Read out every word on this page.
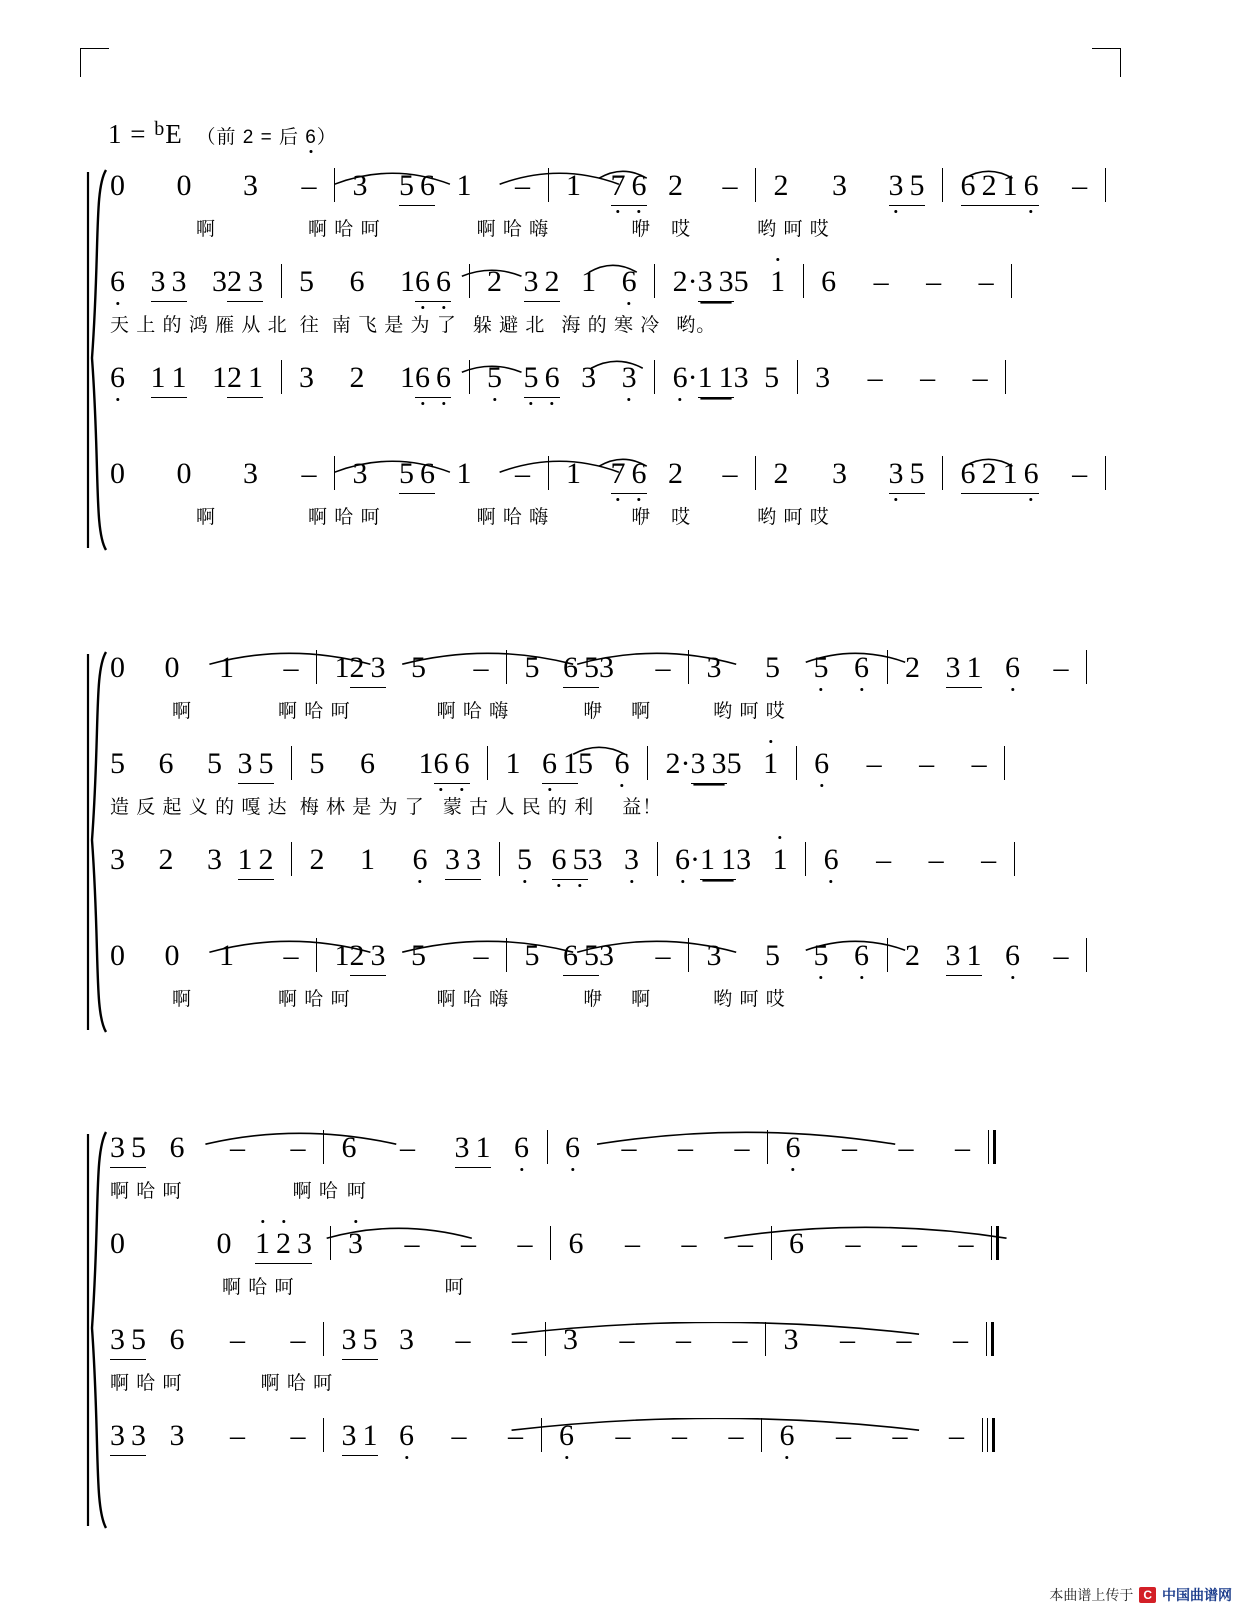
1 = $^b$E （前 2 = 后 6）
0 0 3 – 3 5 6 1 – 1 7  6 2 – 2 3 3 5 6  2  1  6 –
啊	啊 哈 呵	啊 哈 嗨	咿 哎	哟 呵 哎
6 3 3 32 3 5 6 16  6 2 3 2 1 6 2·3 35 1 6 – – –
天 上 的 鸿 雁 从 北 往 南 飞 是 为 了 躲 避 北 海 的 寒 冷 哟。
6 1 1 12 1 3 2 16  6 5 5  6 3 3 6·1 13 5 3 – – –
0 0 3 – 3 5 6 1 – 1 7  6 2 – 2 3 3 5 6  2  1  6 –
啊	啊 哈 呵	啊 哈 嗨	咿 哎	哟 呵 哎
0 0 1 – 12 3 5 – 5 6 53 – 3 5 5 6 2 3 1 6 –
啊	啊 哈 呵	啊 哈 嗨	咿 啊	哟 呵 哎
5 6 5 3 5 5 6 16  6 1 6 15 6 2·3 35 1 6 – – –
造 反 起 义 的 嘎 达 梅 林 是 为 了 蒙 古 人 民 的 利 益！
3 2 3 1 2 2 1 6 3 3 5 6  53 3 6·1 13 1 6 – – –
0 0 1 – 12 3 5 – 5 6 53 – 3 5 5 6 2 3 1 6 –
啊	啊 哈 呵	啊 哈 嗨	咿 啊	哟 呵 哎
3 5 6 – – 6 – 3 1 6 6 – – – 6 – – –
啊 哈 呵	啊 哈 呵
0	0 1  2 3 3 – – – 6 – – – 6 – – –
啊 哈 呵	呵
3 5 6 – – 3 5 3 – – 3 – – – 3 – – –
啊 哈 呵	啊 哈 呵
3 3 3 – – 3 1 6 – – 6 – – – 6 – – –
本曲谱上传于 C 中国曲谱网
